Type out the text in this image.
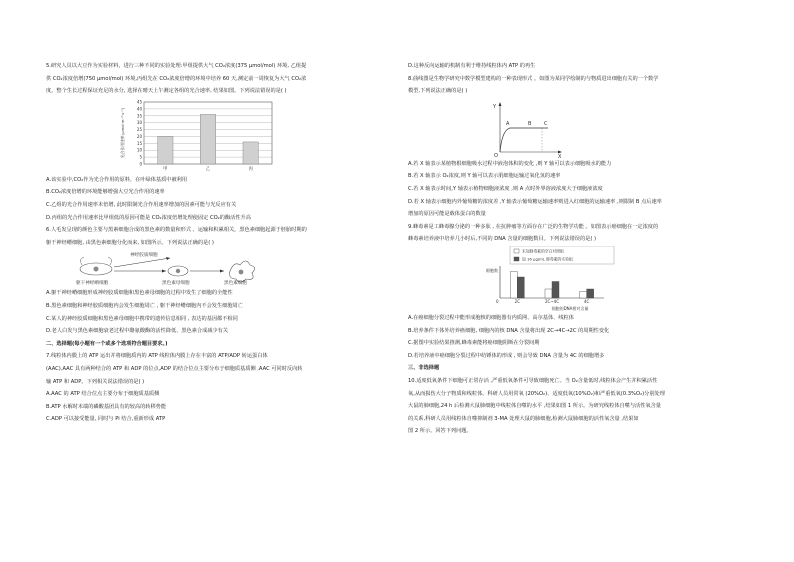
5.研究人员以大豆作为实验材料，进行三种不同的实验处理:甲组提供大气 CO₂浓度(375 μmol/mol) 环境, 乙组提

供 CO₂浓度倍增(750 μmol/mol) 环境,丙组先在 CO₂浓度倍增的环境中培养 60 天,测定前一周恢复为大气 CO₂浓

度。整个生长过程保证充足的水分, 选择在晴天上午测定各组的光合速率, 结果如图。下列说法错误的是( )

0
5
10
15
20
25
30
35
40
45
光合作用速率(μmol·m⁻²·s⁻¹)
甲	乙	丙

A.该实验中,CO₂作为光合作用的原料，在叶绿体基质中被利用

B.CO₂浓度倍增的环境能够增强大豆光合作用的速率

C.乙组的光合作用速率未倍增, 此时限制光合作用速率增加的因素可能与光反应有关

D.丙组的光合作用速率比甲组低的原因可能是 CO₂浓度倍增处理使固定 CO₂的酶活性升高

6.人毛发呈现的颜色主要与黑素细胞合成的黑色素的数量和形式 、运输和积累相关，黑色素细胞起源于胚胎时期的

躯干神经嵴细胞, 由黑色素细胞分化而来, 如图所示。下列说法正确的是( )

神经胶质细胞
躯干神经嵴细胞	黑色素母细胞	黑色素细胞

A.躯干神经嵴细胞形成神经胶质细胞和黑色素母细胞的过程中发生了细胞的全能性

B.黑色素细胞和神经胶质细胞内会发生细胞周亡 , 躯干神经嵴细胞内不会发生细胞周亡

C.某人的神经胶质细胞和黑色素母细胞中携带的遗传信息相同 , 表达的基因都不相同

D.老人白发与黑色素细胞衰老过程中酪氨酸酶的活性降低、黑色素合成减少有关

二、选择题(每小题有一个或多个选项符合题目要求。)

7.线粒体内膜上的 ATP 运出并将细胞质内的 ATP 线粒体内膜上存在丰富的 ATP/ADP 转运蛋白体

(AAC),AAC 具有两种结合的 ATP 和 ADP 的位点,ADP 的结合位点主要分布于细胞质基质侧 ,AAC 可同时反向转

输 ATP 和 ADP。下列相关说法错误的是( )

A.AAC 的 ATP 结合位点主要分布于细胞质基质侧

B.ATP 水解时末端的磷酸基团具有的较高的转移势能

C.ADP 可以接受能量, 同时与 Pi 结合,重新形成 ATP

D.这种反向运输的机制有利于维持线粒体内 ATP 的再生

8.曲线图是生物学研究中数学模型建构的一种表现形式 。如图为某同学绘制的与物质进出细胞有关的一个数学

模型,下列说法正确的是( )

Y
X
O
A	B	C

A.若 X 轴表示某植物根细胞吸水过程中液泡体积的变化 ,则 Y 轴可以表示细胞吸水的能力

B.若 X 轴表示 O₂浓度,则 Y 轴可以表示肌细胞运输过氧化氢的速率

C.若 X 轴表示时间,Y 轴表示植物细胞液浓度 ,则 A 点时外界溶液浓度大于细胞液浓度

D.若 X 轴表示细胞内外葡萄糖的浓度差 ,Y 轴表示葡萄糖运输速率则进入红细胞的运输速率 ,则限制 B 点后速率

增加的原因可能是载体蛋白的数量

9.蜂毒素是工蜂毒腺分泌的一种多肽 , 在抗肿瘤等方面存在广泛的生物学功能 。如图表示癌细胞在一定浓度的

蜂毒素培养液中培养几小时后,不同的 DNA 含量的细胞数目。下列说法错误的是( )

未加蜂毒素的空白对照组
加 16 μg/mL 蜂毒素的实验组
0
细胞数
细胞的DNA相对含量
2C	2C~4C	4C

A.在癌细胞分裂过程中能形成胞核的细胞器有内质网、高尔基体、线粒体

B.培养条件下体外培养癌细胞, 细胞内的核 DNA 含量将出现 2C→4C→2C 的周期性变化

C.据图中实验结果推测,蜂毒素能将癌细胞阻断在分裂间期

D.若培养液中癌细胞分裂过程中纺锤体的形成 , 则会导致 DNA 含量为 4C 的细胞增多

三、非选择题

10.适度低氧条件下细胞可正常存活 ,严重低氧条件可导致细胞死亡。当 O₂含量低时,线粒体会产生并积累活性

氧,从而损伤大分子物质和线粒体。科研人员用常氧 (20%O₂)、适度低氧(10%O₂)和严重低氧(0.3%O₂)分别处理

大鼠的肺细胞,24 h 后检测大鼠肺细胞中线粒体自噬的水平 ,结果如图 1 所示。为研究线粒体自噬与活性氧含量

的关系,科研人员用线粒体自噬抑制剂 3-MA 处理大鼠的肺细胞,检测大鼠肺细胞的活性氧含量 ,结果如

图 2 所示。回答下列问题。
